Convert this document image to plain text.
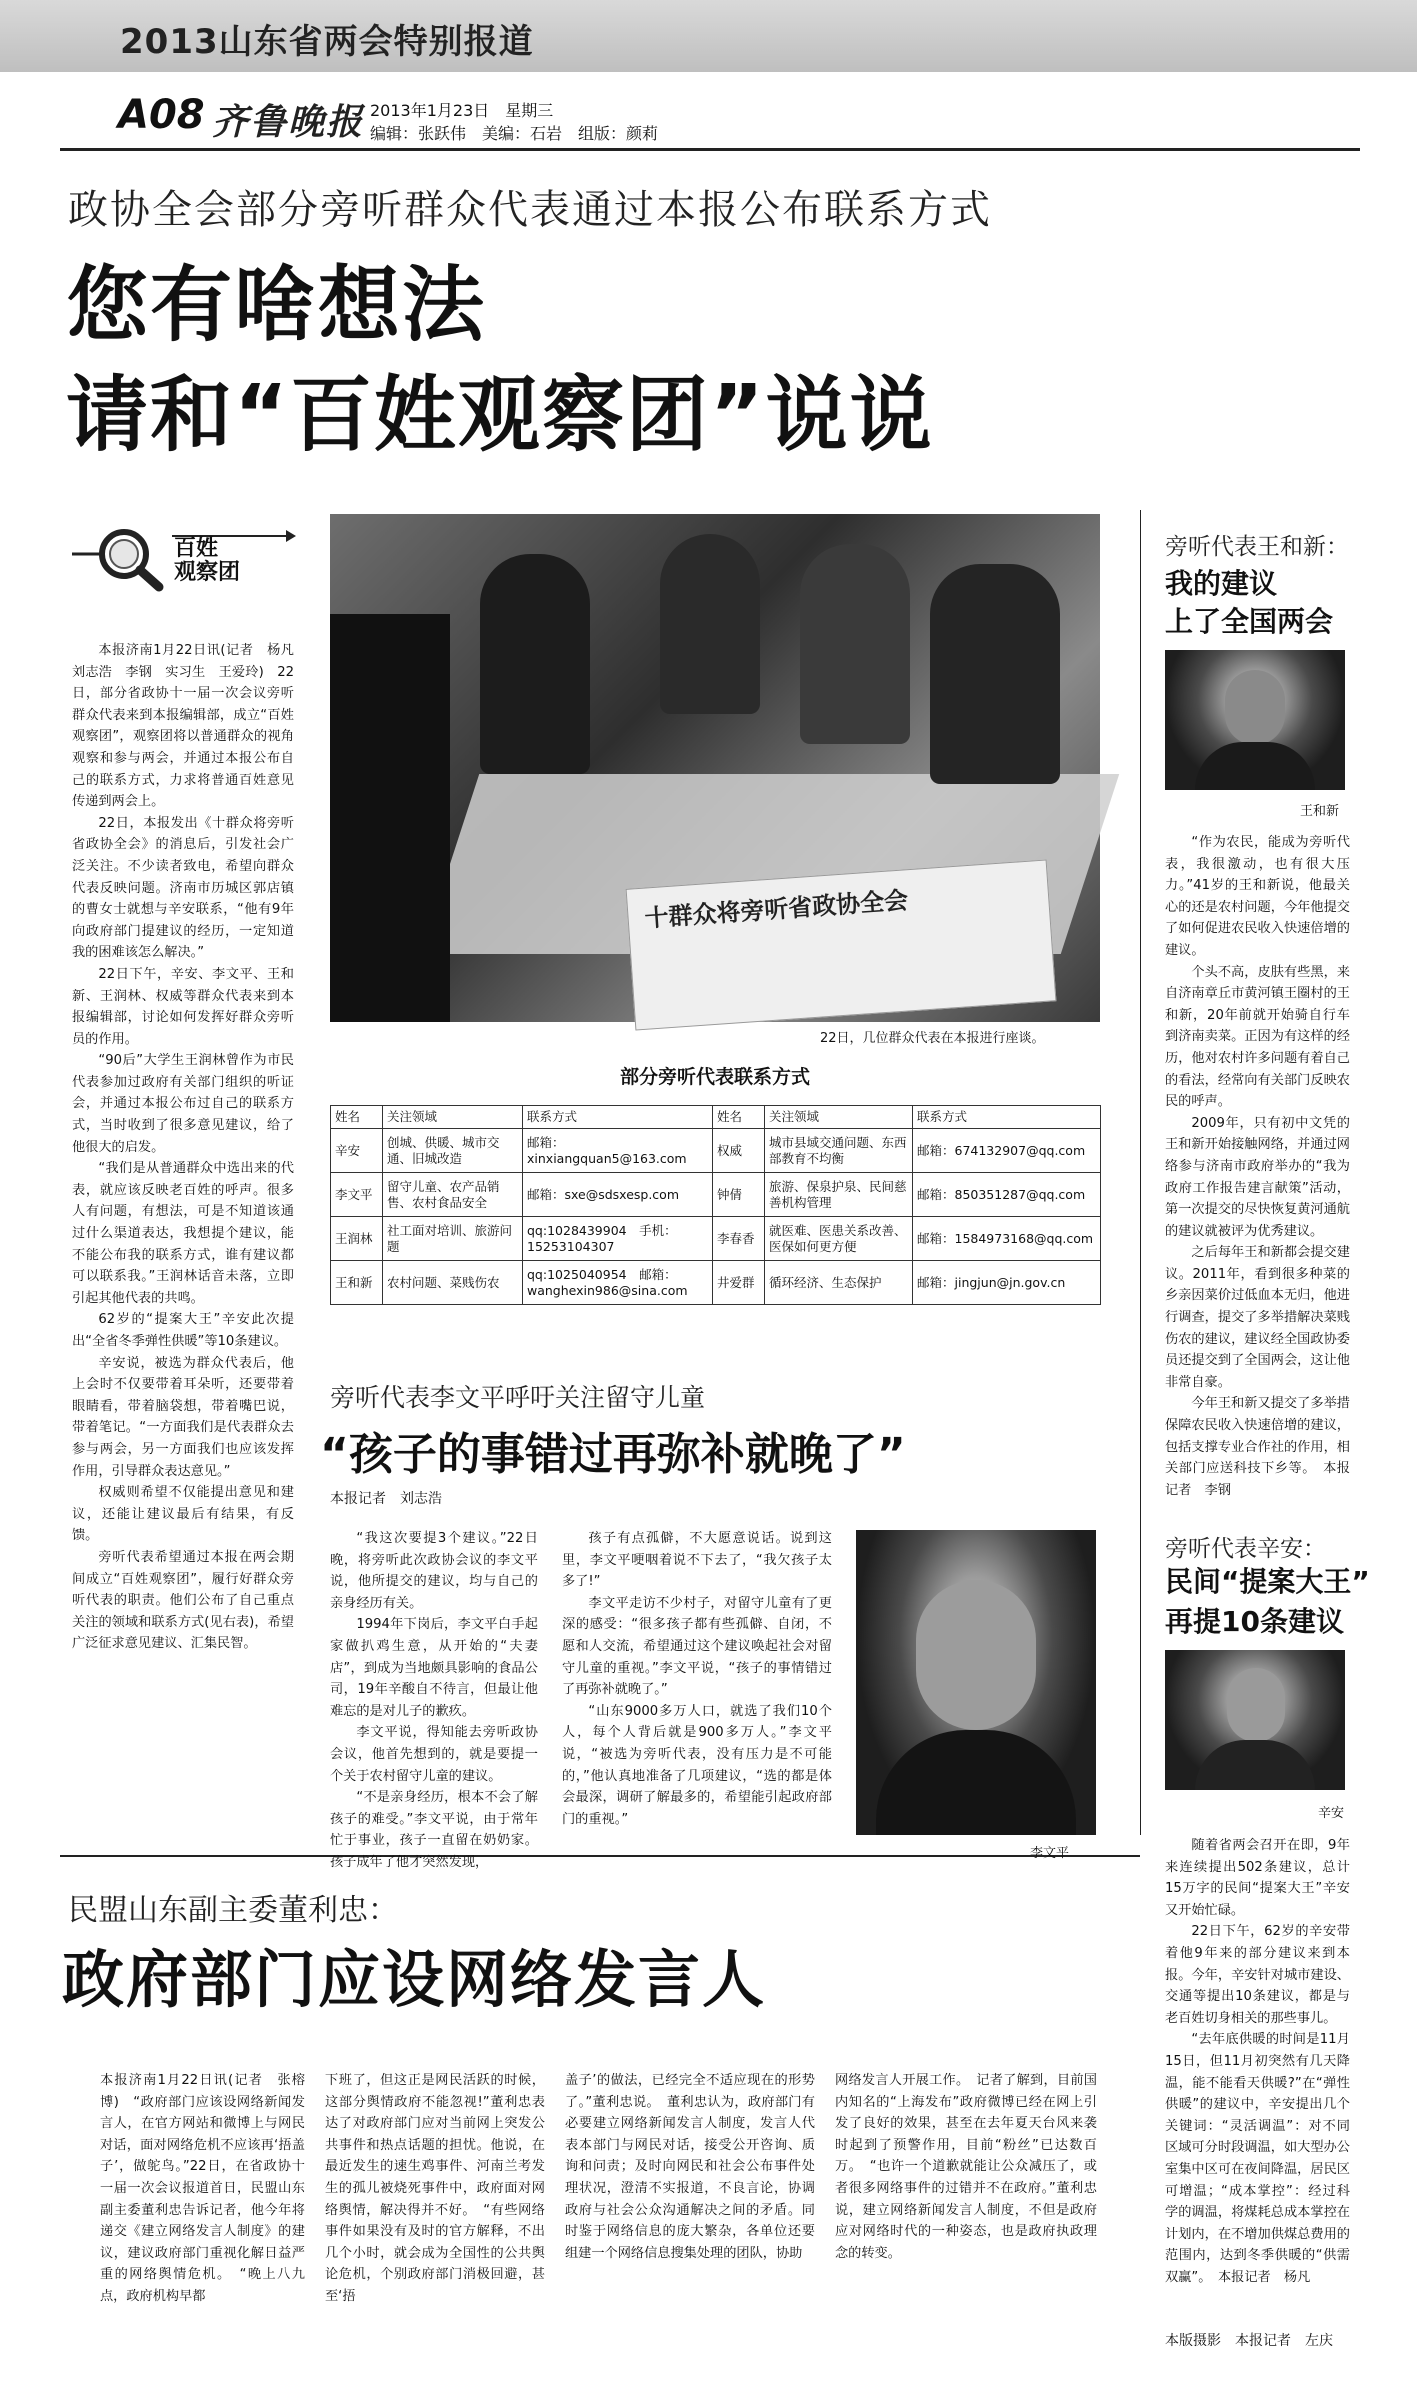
2013山东省两会特别报道
A08 齐鲁晚报 2013年1月23日　星期三
编辑：张跃伟　美编：石岩　组版：颜莉
政协全会部分旁听群众代表通过本报公布联系方式
您有啥想法
请和“百姓观察团”说说
百姓
观察团

本报济南1月22日讯(记者　杨凡　刘志浩　李钢　实习生　王爱玲)　22日，部分省政协十一届一次会议旁听群众代表来到本报编辑部，成立“百姓观察团”，观察团将以普通群众的视角观察和参与两会，并通过本报公布自己的联系方式，力求将普通百姓意见传递到两会上。

22日，本报发出《十群众将旁听省政协全会》的消息后，引发社会广泛关注。不少读者致电，希望向群众代表反映问题。济南市历城区郭店镇的曹女士就想与辛安联系，“他有9年向政府部门提建议的经历，一定知道我的困难该怎么解决。”

22日下午，辛安、李文平、王和新、王润林、权威等群众代表来到本报编辑部，讨论如何发挥好群众旁听员的作用。

“90后”大学生王润林曾作为市民代表参加过政府有关部门组织的听证会，并通过本报公布过自己的联系方式，当时收到了很多意见建议，给了他很大的启发。

“我们是从普通群众中选出来的代表，就应该反映老百姓的呼声。很多人有问题，有想法，可是不知道该通过什么渠道表达，我想提个建议，能不能公布我的联系方式，谁有建议都可以联系我。”王润林话音未落，立即引起其他代表的共鸣。

62岁的“提案大王”辛安此次提出“全省冬季弹性供暖”等10条建议。

辛安说，被选为群众代表后，他上会时不仅要带着耳朵听，还要带着眼睛看，带着脑袋想，带着嘴巴说，带着笔记。“一方面我们是代表群众去参与两会，另一方面我们也应该发挥作用，引导群众表达意见。”

权威则希望不仅能提出意见和建议，还能让建议最后有结果，有反馈。

旁听代表希望通过本报在两会期间成立“百姓观察团”，履行好群众旁听代表的职责。他们公布了自己重点关注的领域和联系方式(见右表)，希望广泛征求意见建议、汇集民智。

十群众将旁听省政协全会
22日，几位群众代表在本报进行座谈。
部分旁听代表联系方式
姓名	关注领域	联系方式	姓名	关注领域	联系方式
辛安	创城、供暖、城市交通、旧城改造	邮箱：xinxiangquan5@163.com	权威	城市县域交通问题、东西部教育不均衡	邮箱：674132907@qq.com
李文平	留守儿童、农产品销售、农村食品安全	邮箱：sxe@sdsxesp.com	钟倩	旅游、保泉护泉、民间慈善机构管理	邮箱：850351287@qq.com
王润林	社工面对培训、旅游问题	qq:1028439904　手机：15253104307	李春香	就医难、医患关系改善、医保如何更方便	邮箱：1584973168@qq.com
王和新	农村问题、菜贱伤农	qq:1025040954　邮箱：wanghexin986@sina.com	井爱群	循环经济、生态保护	邮箱：jingjun@jn.gov.cn
旁听代表李文平呼吁关注留守儿童
“孩子的事错过再弥补就晚了”
本报记者　刘志浩

“我这次要提3个建议。”22日晚，将旁听此次政协会议的李文平说，他所提交的建议，均与自己的亲身经历有关。

1994年下岗后，李文平白手起家做扒鸡生意，从开始的“夫妻店”，到成为当地颇具影响的食品公司，19年辛酸自不待言，但最让他难忘的是对儿子的歉疚。

李文平说，得知能去旁听政协会议，他首先想到的，就是要提一个关于农村留守儿童的建议。

“不是亲身经历，根本不会了解孩子的难受。”李文平说，由于常年忙于事业，孩子一直留在奶奶家。孩子成年了他才突然发现，

孩子有点孤僻，不大愿意说话。说到这里，李文平哽咽着说不下去了，“我欠孩子太多了!”

李文平走访不少村子，对留守儿童有了更深的感受：“很多孩子都有些孤僻、自闭，不愿和人交流，希望通过这个建议唤起社会对留守儿童的重视。”李文平说，“孩子的事情错过了再弥补就晚了。”

“山东9000多万人口，就选了我们10个人，每个人背后就是900多万人。”李文平说，“被选为旁听代表，没有压力是不可能的，”他认真地准备了几项建议，“选的都是体会最深，调研了解最多的，希望能引起政府部门的重视。”

李文平
民盟山东副主委董利忠：
政府部门应设网络发言人

本报济南1月22日讯(记者　张榕博)　“政府部门应该设网络新闻发言人，在官方网站和微博上与网民对话，面对网络危机不应该再‘捂盖子’，做鸵鸟。”22日，在省政协十一届一次会议报道首日，民盟山东副主委董利忠告诉记者，他今年将递交《建立网络发言人制度》的建议，建议政府部门重视化解日益严重的网络舆情危机。　“晚上八九点，政府机构早都

下班了，但这正是网民活跃的时候，这部分舆情政府不能忽视!”董利忠表达了对政府部门应对当前网上突发公共事件和热点话题的担忧。他说，在最近发生的速生鸡事件、河南兰考发生的孤儿被烧死事件中，政府面对网络舆情，解决得并不好。　“有些网络事件如果没有及时的官方解释，不出几个小时，就会成为全国性的公共舆论危机，个别政府部门消极回避，甚至‘捂

盖子’的做法，已经完全不适应现在的形势了。”董利忠说。　董利忠认为，政府部门有必要建立网络新闻发言人制度，发言人代表本部门与网民对话，接受公开咨询、质询和问责；及时向网民和社会公布事件处理状况，澄清不实报道，不良言论，协调政府与社会公众沟通解决之间的矛盾。同时鉴于网络信息的庞大繁杂，各单位还要组建一个网络信息搜集处理的团队，协助

网络发言人开展工作。　记者了解到，目前国内知名的“上海发布”政府微博已经在网上引发了良好的效果，甚至在去年夏天台风来袭时起到了预警作用，目前“粉丝”已达数百万。　“也许一个道歉就能让公众减压了，或者很多网络事件的过错并不在政府。”董利忠说，建立网络新闻发言人制度，不但是政府应对网络时代的一种姿态，也是政府执政理念的转变。

旁听代表王和新：
我的建议
上了全国两会
王和新

“作为农民，能成为旁听代表，我很激动，也有很大压力。”41岁的王和新说，他最关心的还是农村问题，今年他提交了如何促进农民收入快速倍增的建议。

个头不高，皮肤有些黑，来自济南章丘市黄河镇王圈村的王和新，20年前就开始骑自行车到济南卖菜。正因为有这样的经历，他对农村许多问题有着自己的看法，经常向有关部门反映农民的呼声。

2009年，只有初中文凭的王和新开始接触网络，并通过网络参与济南市政府举办的“我为政府工作报告建言献策”活动，第一次提交的尽快恢复黄河通航的建议就被评为优秀建议。

之后每年王和新都会提交建议。2011年，看到很多种菜的乡亲因菜价过低血本无归，他进行调查，提交了多举措解决菜贱伤农的建议，建议经全国政协委员还提交到了全国两会，这让他非常自豪。

今年王和新又提交了多举措保障农民收入快速倍增的建议，包括支撑专业合作社的作用，相关部门应送科技下乡等。　本报记者　李钢

旁听代表辛安：
民间“提案大王”
再提10条建议
辛安

随着省两会召开在即，9年来连续提出502条建议，总计15万字的民间“提案大王”辛安又开始忙碌。

22日下午，62岁的辛安带着他9年来的部分建议来到本报。今年，辛安针对城市建设、交通等提出10条建议，都是与老百姓切身相关的那些事儿。

“去年底供暖的时间是11月15日，但11月初突然有几天降温，能不能看天供暖?”在“弹性供暖”的建议中，辛安提出几个关键词：“灵活调温”：对不同区域可分时段调温，如大型办公室集中区可在夜间降温，居民区可增温；“成本掌控”：经过科学的调温，将煤耗总成本掌控在计划内，在不增加供煤总费用的范围内，达到冬季供暖的“供需双赢”。　本报记者　杨凡

本版摄影　本报记者　左庆
